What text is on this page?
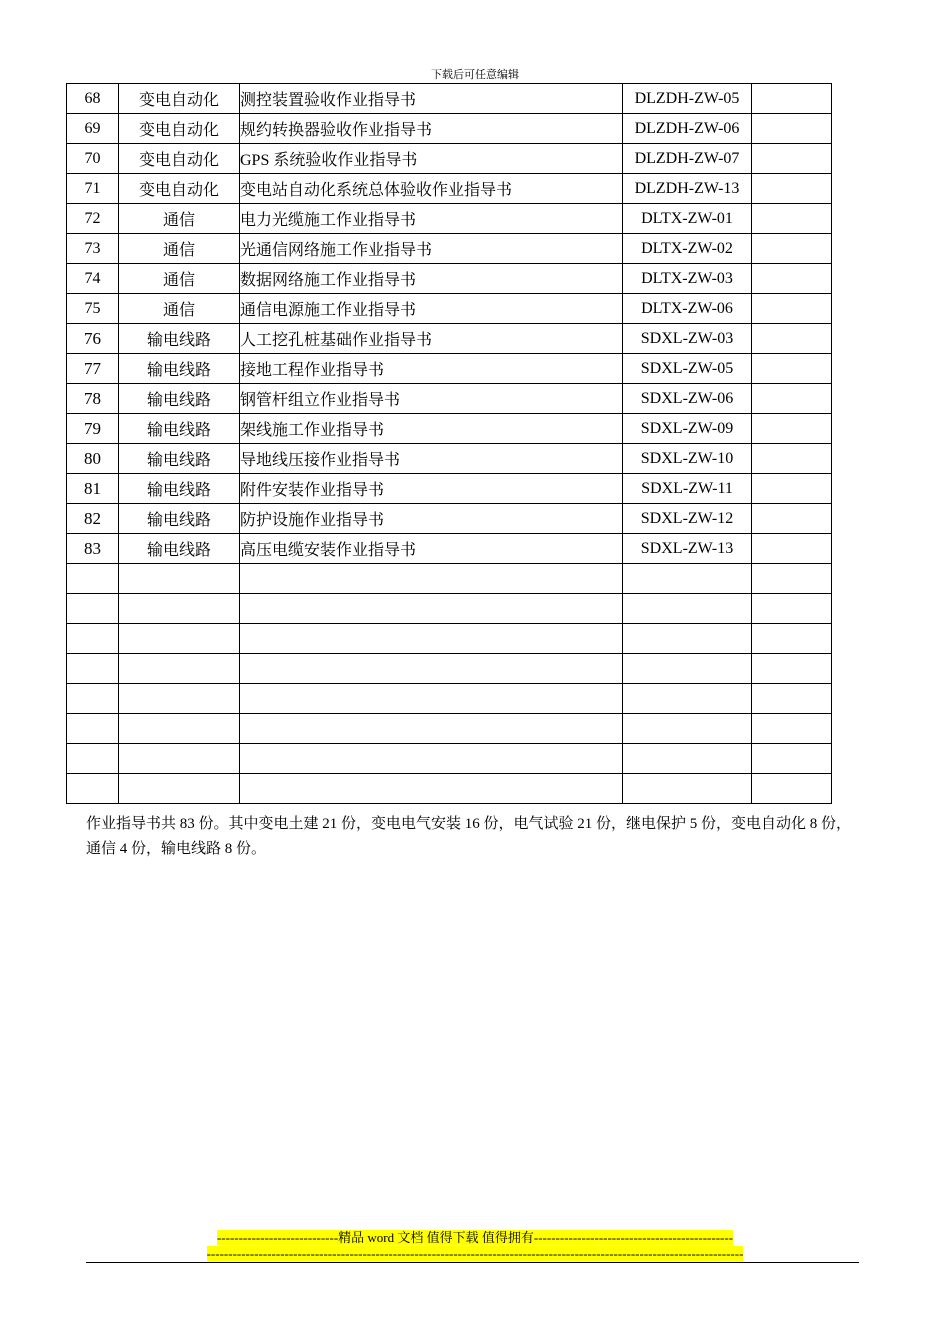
下载后可任意编辑
68	变电自动化	测控装置验收作业指导书	DLZDH-ZW-05	
69	变电自动化	规约转换器验收作业指导书	DLZDH-ZW-06	
70	变电自动化	GPS 系统验收作业指导书	DLZDH-ZW-07	
71	变电自动化	变电站自动化系统总体验收作业指导书	DLZDH-ZW-13	
72	通信	电力光缆施工作业指导书	DLTX-ZW-01	
73	通信	光通信网络施工作业指导书	DLTX-ZW-02	
74	通信	数据网络施工作业指导书	DLTX-ZW-03	
75	通信	通信电源施工作业指导书	DLTX-ZW-06	
76	输电线路	人工挖孔桩基础作业指导书	SDXL-ZW-03	
77	输电线路	接地工程作业指导书	SDXL-ZW-05	
78	输电线路	钢管杆组立作业指导书	SDXL-ZW-06	
79	输电线路	架线施工作业指导书	SDXL-ZW-09	
80	输电线路	导地线压接作业指导书	SDXL-ZW-10	
81	输电线路	附件安装作业指导书	SDXL-ZW-11	
82	输电线路	防护设施作业指导书	SDXL-ZW-12	
83	输电线路	高压电缆安装作业指导书	SDXL-ZW-13	

作业指导书共 83 份。其中变电土建 21 份，变电电气安装 16 份，电气试验 21 份，继电保护 5 份，变电自动化 8 份，通信 4 份，输电线路 8 份。
----------------------------精品 word 文档 值得下载 值得拥有----------------------------------------------
----------------------------------------------------------------------------------------------------------------------------
